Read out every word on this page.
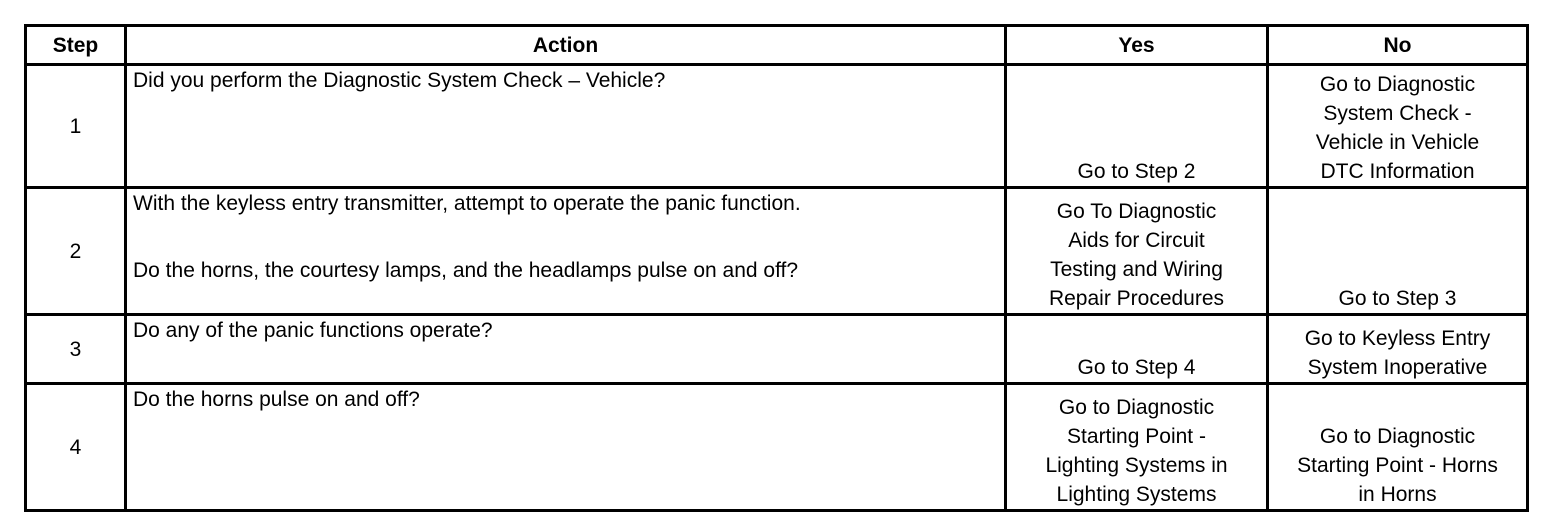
Step	Action	Yes	No
1	Did you perform the Diagnostic System Check – Vehicle?	Go to Step 2	Go to Diagnostic
System Check -
Vehicle in Vehicle
DTC Information

2	With the keyless entry transmitter, attempt to operate the panic function.
Do the horns, the courtesy lamps, and the headlamps pulse on and off?	Go To Diagnostic
Aids for Circuit
Testing and Wiring
Repair Procedures	Go to Step 3

3	Do any of the panic functions operate?	Go to Step 4	Go to Keyless Entry
System Inoperative

4	Do the horns pulse on and off?	Go to Diagnostic
Starting Point -
Lighting Systems in
Lighting Systems	Go to Diagnostic
Starting Point - Horns
in Horns
